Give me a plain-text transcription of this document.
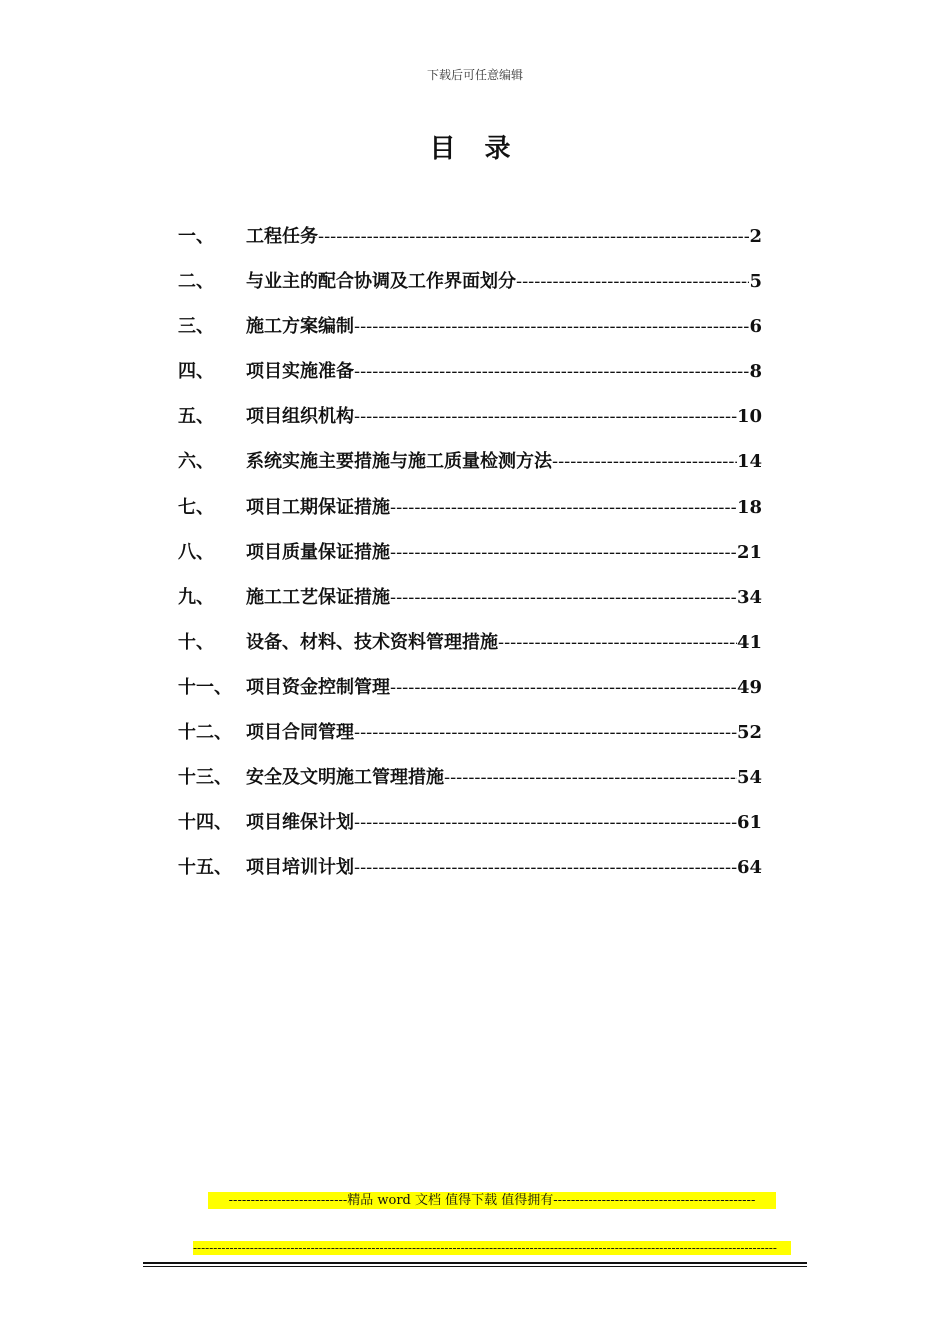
下载后可任意编辑
目 录
一、	工程任务 -----	2
二、	与业主的配合协调及工作界面划分 -----	5
三、	施工方案编制 -----	6
四、	项目实施准备 -----	8
五、	项目组织机构 -----	10
六、	系统实施主要措施与施工质量检测方法 -----	14
七、	项目工期保证措施 -----	18
八、	项目质量保证措施 -----	21
九、	施工工艺保证措施 -----	34
十、	设备、材料、技术资料管理措施 -----	41
十一、 项目资金控制管理 -----	49
十二、 项目合同管理 -----	52
十三、 安全及文明施工管理措施 -----	54
十四、 项目维保计划 -----	61
十五、 项目培训计划 -----	64
---------------------------精品 word 文档 值得下载 值得拥有----------------------------------------------
------------------------------------------------------------------------------------------------------------------------------------------------
